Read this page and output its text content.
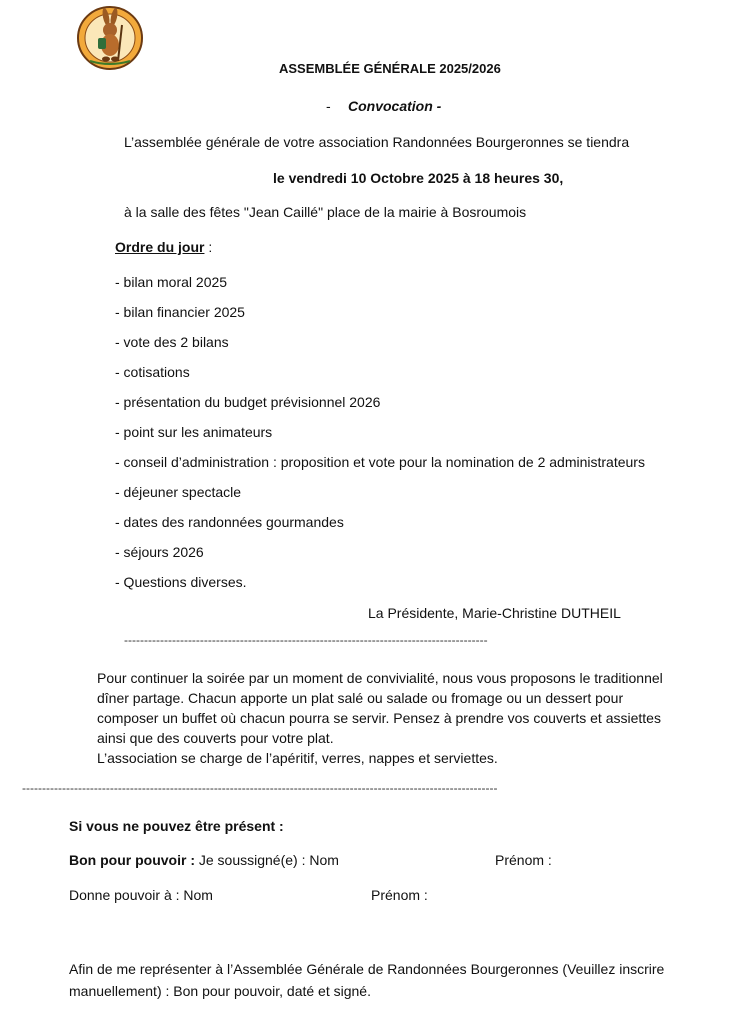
ASSEMBLÉE GÉNÉRALE 2025/2026
- Convocation -
L’assemblée générale de votre association Randonnées Bourgeronnes se tiendra
le vendredi 10 Octobre 2025 à 18 heures 30,
à la salle des fêtes "Jean Caillé" place de la mairie à Bosroumois
Ordre du jour :
- bilan moral 2025
- bilan financier 2025
- vote des 2 bilans
- cotisations
- présentation du budget prévisionnel 2026
- point sur les animateurs
- conseil d’administration : proposition et vote pour la nomination de 2 administrateurs
- déjeuner spectacle
- dates des randonnées gourmandes
- séjours 2026
- Questions diverses.
La Présidente, Marie-Christine DUTHEIL
-------------------------------------------------------------------------------------------
Pour continuer la soirée par un moment de convivialité, nous vous proposons le traditionnel
dîner partage. Chacun apporte un plat salé ou salade ou fromage ou un dessert pour
composer un buffet où chacun pourra se servir. Pensez à prendre vos couverts et assiettes
ainsi que des couverts pour votre plat.
L’association se charge de l’apéritif, verres, nappes et serviettes.
-----------------------------------------------------------------------------------------------------------------------
Si vous ne pouvez être présent :
Bon pour pouvoir : Je soussigné(e) : Nom	Prénom :
Donne pouvoir à : Nom	Prénom :
Afin de me représenter à l’Assemblée Générale de Randonnées Bourgeronnes (Veuillez inscrire
manuellement) : Bon pour pouvoir, daté et signé.
